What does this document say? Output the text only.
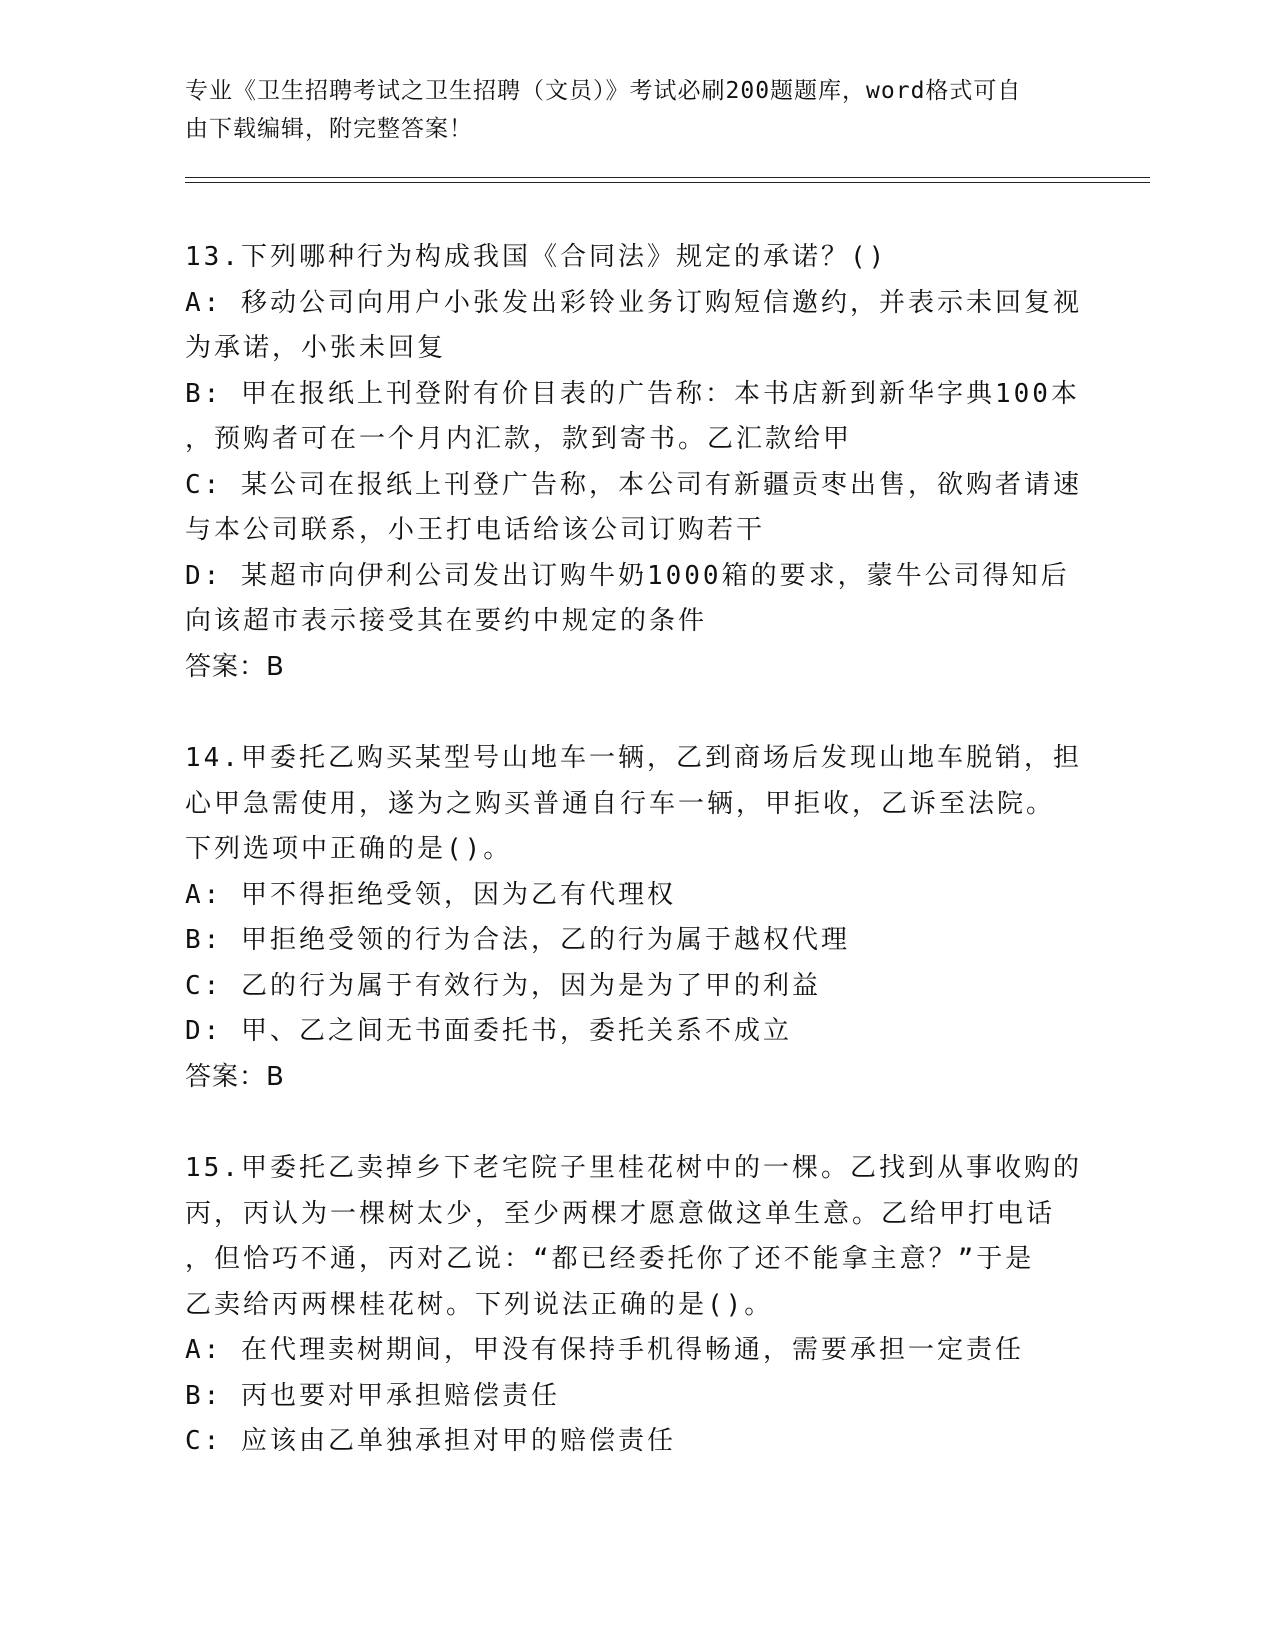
专业《卫生招聘考试之卫生招聘（文员）》考试必刷200题题库，word格式可自
由下载编辑，附完整答案！
13.下列哪种行为构成我国《合同法》规定的承诺？()
A: 移动公司向用户小张发出彩铃业务订购短信邀约，并表示未回复视
为承诺，小张未回复
B: 甲在报纸上刊登附有价目表的广告称：本书店新到新华字典100本
，预购者可在一个月内汇款，款到寄书。乙汇款给甲
C: 某公司在报纸上刊登广告称，本公司有新疆贡枣出售，欲购者请速
与本公司联系，小王打电话给该公司订购若干
D: 某超市向伊利公司发出订购牛奶1000箱的要求，蒙牛公司得知后
向该超市表示接受其在要约中规定的条件
答案：B
14.甲委托乙购买某型号山地车一辆，乙到商场后发现山地车脱销，担
心甲急需使用，遂为之购买普通自行车一辆，甲拒收，乙诉至法院。
下列选项中正确的是()。
A: 甲不得拒绝受领，因为乙有代理权
B: 甲拒绝受领的行为合法，乙的行为属于越权代理
C: 乙的行为属于有效行为，因为是为了甲的利益
D: 甲、乙之间无书面委托书，委托关系不成立
答案：B
15.甲委托乙卖掉乡下老宅院子里桂花树中的一棵。乙找到从事收购的
丙，丙认为一棵树太少，至少两棵才愿意做这单生意。乙给甲打电话
，但恰巧不通，丙对乙说：“都已经委托你了还不能拿主意？”于是
乙卖给丙两棵桂花树。下列说法正确的是()。
A: 在代理卖树期间，甲没有保持手机得畅通，需要承担一定责任
B: 丙也要对甲承担赔偿责任
C: 应该由乙单独承担对甲的赔偿责任
